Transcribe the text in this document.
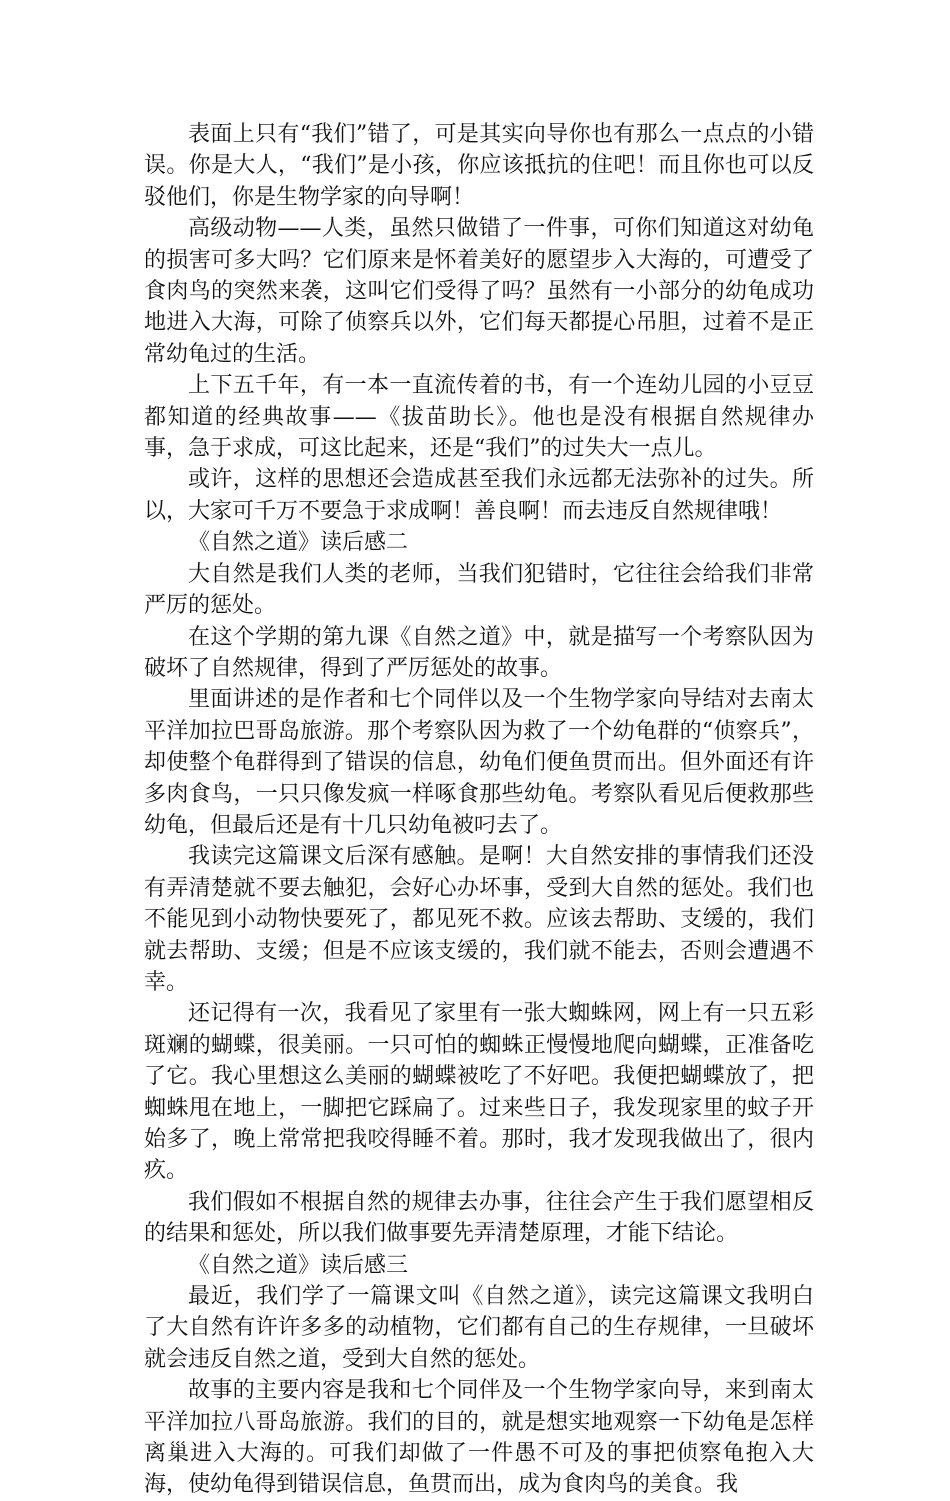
表面上只有“我们”错了，可是其实向导你也有那么一点点的小错误。你是大人，“我们”是小孩，你应该抵抗的住吧！而且你也可以反驳他们，你是生物学家的向导啊！

高级动物——人类，虽然只做错了一件事，可你们知道这对幼龟的损害可多大吗？它们原来是怀着美好的愿望步入大海的，可遭受了食肉鸟的突然来袭，这叫它们受得了吗？虽然有一小部分的幼龟成功地进入大海，可除了侦察兵以外，它们每天都提心吊胆，过着不是正常幼龟过的生活。

上下五千年，有一本一直流传着的书，有一个连幼儿园的小豆豆都知道的经典故事——《拔苗助长》。他也是没有根据自然规律办事，急于求成，可这比起来，还是“我们”的过失大一点儿。

或许，这样的思想还会造成甚至我们永远都无法弥补的过失。所以，大家可千万不要急于求成啊！善良啊！而去违反自然规律哦！

《自然之道》读后感二

大自然是我们人类的老师，当我们犯错时，它往往会给我们非常严厉的惩处。

在这个学期的第九课《自然之道》中，就是描写一个考察队因为破坏了自然规律，得到了严厉惩处的故事。

里面讲述的是作者和七个同伴以及一个生物学家向导结对去南太平洋加拉巴哥岛旅游。那个考察队因为救了一个幼龟群的“侦察兵”，却使整个龟群得到了错误的信息，幼龟们便鱼贯而出。但外面还有许多肉食鸟，一只只像发疯一样啄食那些幼龟。考察队看见后便救那些幼龟，但最后还是有十几只幼龟被叼去了。

我读完这篇课文后深有感触。是啊！大自然安排的事情我们还没有弄清楚就不要去触犯，会好心办坏事，受到大自然的惩处。我们也不能见到小动物快要死了，都见死不救。应该去帮助、支缓的，我们就去帮助、支缓；但是不应该支缓的，我们就不能去，否则会遭遇不幸。

还记得有一次，我看见了家里有一张大蜘蛛网，网上有一只五彩斑斓的蝴蝶，很美丽。一只可怕的蜘蛛正慢慢地爬向蝴蝶，正准备吃了它。我心里想这么美丽的蝴蝶被吃了不好吧。我便把蝴蝶放了，把蜘蛛甩在地上，一脚把它踩扁了。过来些日子，我发现家里的蚊子开始多了，晚上常常把我咬得睡不着。那时，我才发现我做出了，很内疚。

我们假如不根据自然的规律去办事，往往会产生于我们愿望相反的结果和惩处，所以我们做事要先弄清楚原理，才能下结论。

《自然之道》读后感三

最近，我们学了一篇课文叫《自然之道》，读完这篇课文我明白了大自然有许许多多的动植物，它们都有自己的生存规律，一旦破坏就会违反自然之道，受到大自然的惩处。

故事的主要内容是我和七个同伴及一个生物学家向导，来到南太平洋加拉八哥岛旅游。我们的目的，就是想实地观察一下幼龟是怎样离巢进入大海的。可我们却做了一件愚不可及的事把侦察龟抱入大海，使幼龟得到错误信息，鱼贯而出，成为食肉鸟的美食。我
